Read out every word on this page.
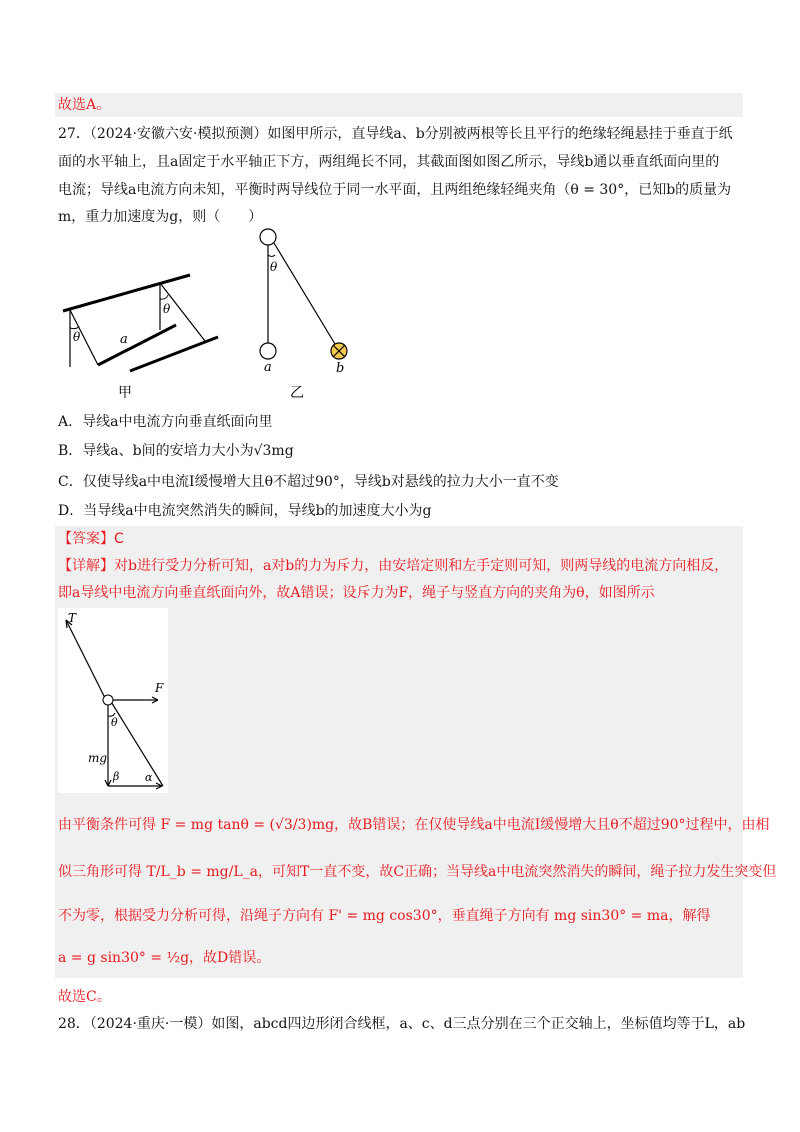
故选A。
27．（2024·安徽六安·模拟预测）如图甲所示，直导线a、b分别被两根等长且平行的绝缘轻绳悬挂于垂直于纸
面的水平轴上，且a固定于水平轴正下方，两组绳长不同，其截面图如图乙所示，导线b通以垂直纸面向里的
电流；导线a电流方向未知，平衡时两导线位于同一水平面，且两组绝缘轻绳夹角（θ = 30°，已知b的质量为
m，重力加速度为g，则（　　）
θ
θ
a
甲
θ
a	b
乙
A．导线a中电流方向垂直纸面向里
B．导线a、b间的安培力大小为√3mg
C．仅使导线a中电流I缓慢增大且θ不超过90°，导线b对悬线的拉力大小一直不变
D．当导线a中电流突然消失的瞬间，导线b的加速度大小为g
【答案】C
【详解】对b进行受力分析可知，a对b的力为斥力，由安培定则和左手定则可知，则两导线的电流方向相反，
即a导线中电流方向垂直纸面向外，故A错误；设斥力为F，绳子与竖直方向的夹角为θ，如图所示
T
F
θ
mg
β α
由平衡条件可得 F = mg tanθ = (√3/3)mg，故B错误；在仅使导线a中电流I缓慢增大且θ不超过90°过程中，由相
似三角形可得 T/L_b = mg/L_a，可知T一直不变，故C正确；当导线a中电流突然消失的瞬间，绳子拉力发生突变但
不为零，根据受力分析可得，沿绳子方向有 F' = mg cos30°，垂直绳子方向有 mg sin30° = ma，解得
a = g sin30° = ½g，故D错误。
故选C。
28．（2024·重庆·一模）如图，abcd四边形闭合线框，a、c、d三点分别在三个正交轴上，坐标值均等于L，ab
